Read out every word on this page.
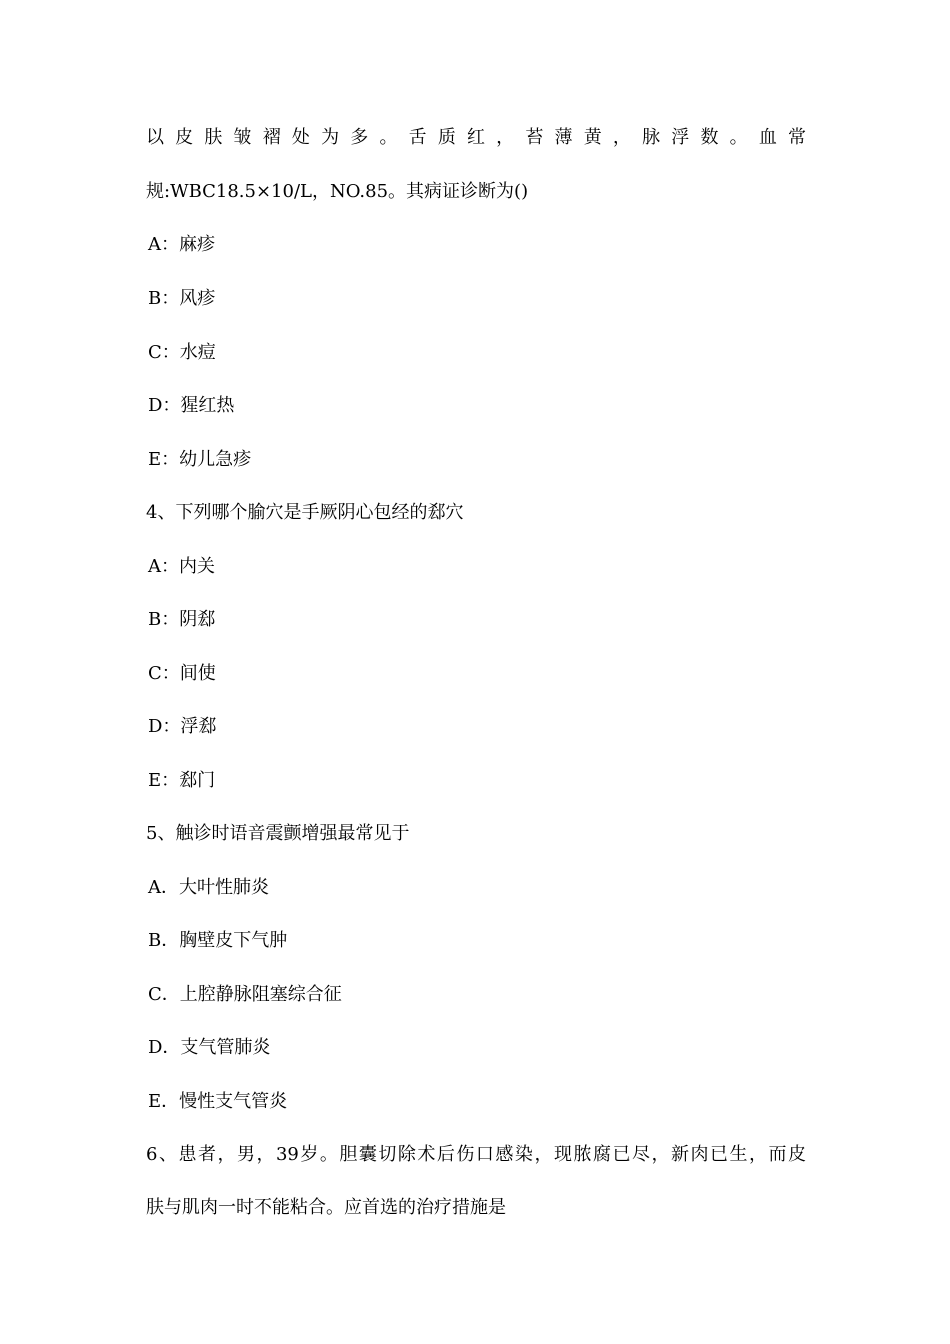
以皮肤皱褶处为多。舌质红，苔薄黄，脉浮数。血常
规:WBC18.5×10/L，NO.85。其病证诊断为()
A：麻疹
B：风疹
C：水痘
D：猩红热
E：幼儿急疹
4、下列哪个腧穴是手厥阴心包经的郄穴
A：内关
B：阴郄
C：间使
D：浮郄
E：郄门
5、触诊时语音震颤增强最常见于
A．大叶性肺炎
B．胸壁皮下气肿
C．上腔静脉阻塞综合征
D．支气管肺炎
E．慢性支气管炎
6、患者，男，39岁。胆囊切除术后伤口感染，现脓腐已尽，新肉已生，而皮
肤与肌肉一时不能粘合。应首选的治疗措施是
